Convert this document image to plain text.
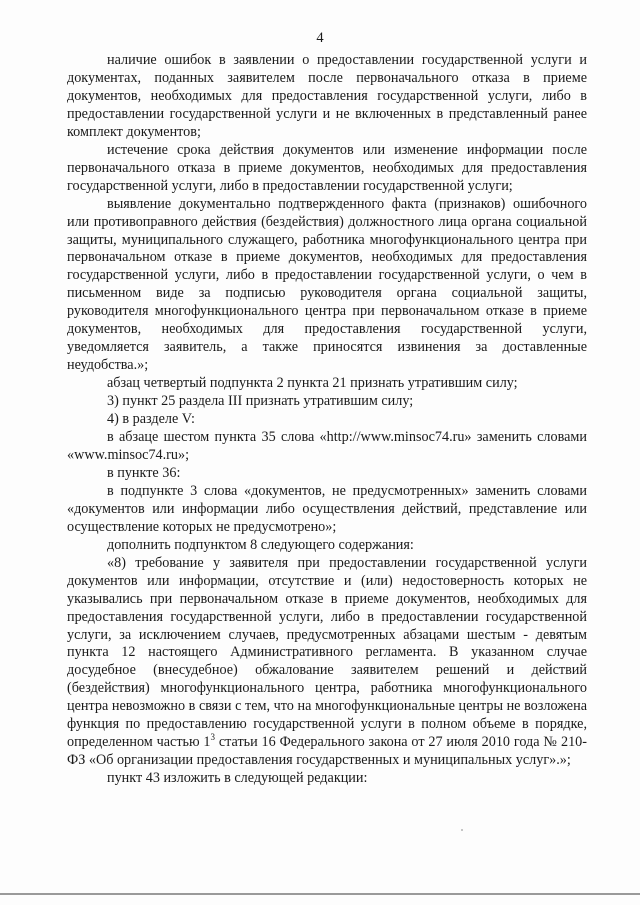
4

наличие ошибок в заявлении о предоставлении государственной услуги и документах, поданных заявителем после первоначального отказа в приеме документов, необходимых для предоставления государственной услуги, либо в предоставлении государственной услуги и не включенных в представленный ранее комплект документов;

истечение срока действия документов или изменение информации после первоначального отказа в приеме документов, необходимых для предоставления государственной услуги, либо в предоставлении государственной услуги;

выявление документально подтвержденного факта (признаков) ошибочного или противоправного действия (бездействия) должностного лица органа социальной защиты, муниципального служащего, работника многофункционального центра при первоначальном отказе в приеме документов, необходимых для предоставления государственной услуги, либо в предоставлении государственной услуги, о чем в письменном виде за подписью руководителя органа социальной защиты, руководителя многофункционального центра при первоначальном отказе в приеме документов, необходимых для предоставления государственной услуги, уведомляется заявитель, а также приносятся извинения за доставленные неудобства.»;

абзац четвертый подпункта 2 пункта 21 признать утратившим силу;

3) пункт 25 раздела III признать утратившим силу;

4) в разделе V:

в абзаце шестом пункта 35 слова «http://www.minsoc74.ru» заменить словами «www.minsoc74.ru»;

в пункте 36:

в подпункте 3 слова «документов, не предусмотренных» заменить словами «документов или информации либо осуществления действий, представление или осуществление которых не предусмотрено»;

дополнить подпунктом 8 следующего содержания:

«8) требование у заявителя при предоставлении государственной услуги документов или информации, отсутствие и (или) недостоверность которых не указывались при первоначальном отказе в приеме документов, необходимых для предоставления государственной услуги, либо в предоставлении государственной услуги, за исключением случаев, предусмотренных абзацами шестым - девятым пункта 12 настоящего Административного регламента. В указанном случае досудебное (внесудебное) обжалование заявителем решений и действий (бездействия) многофункционального центра, работника многофункционального центра невозможно в связи с тем, что на многофункциональные центры не возложена функция по предоставлению государственной услуги в полном объеме в порядке, определенном частью $1^3$ статьи 16 Федерального закона от 27 июля 2010 года № 210-ФЗ «Об организации предоставления государственных и муниципальных услуг».»;

пункт 43 изложить в следующей редакции:
